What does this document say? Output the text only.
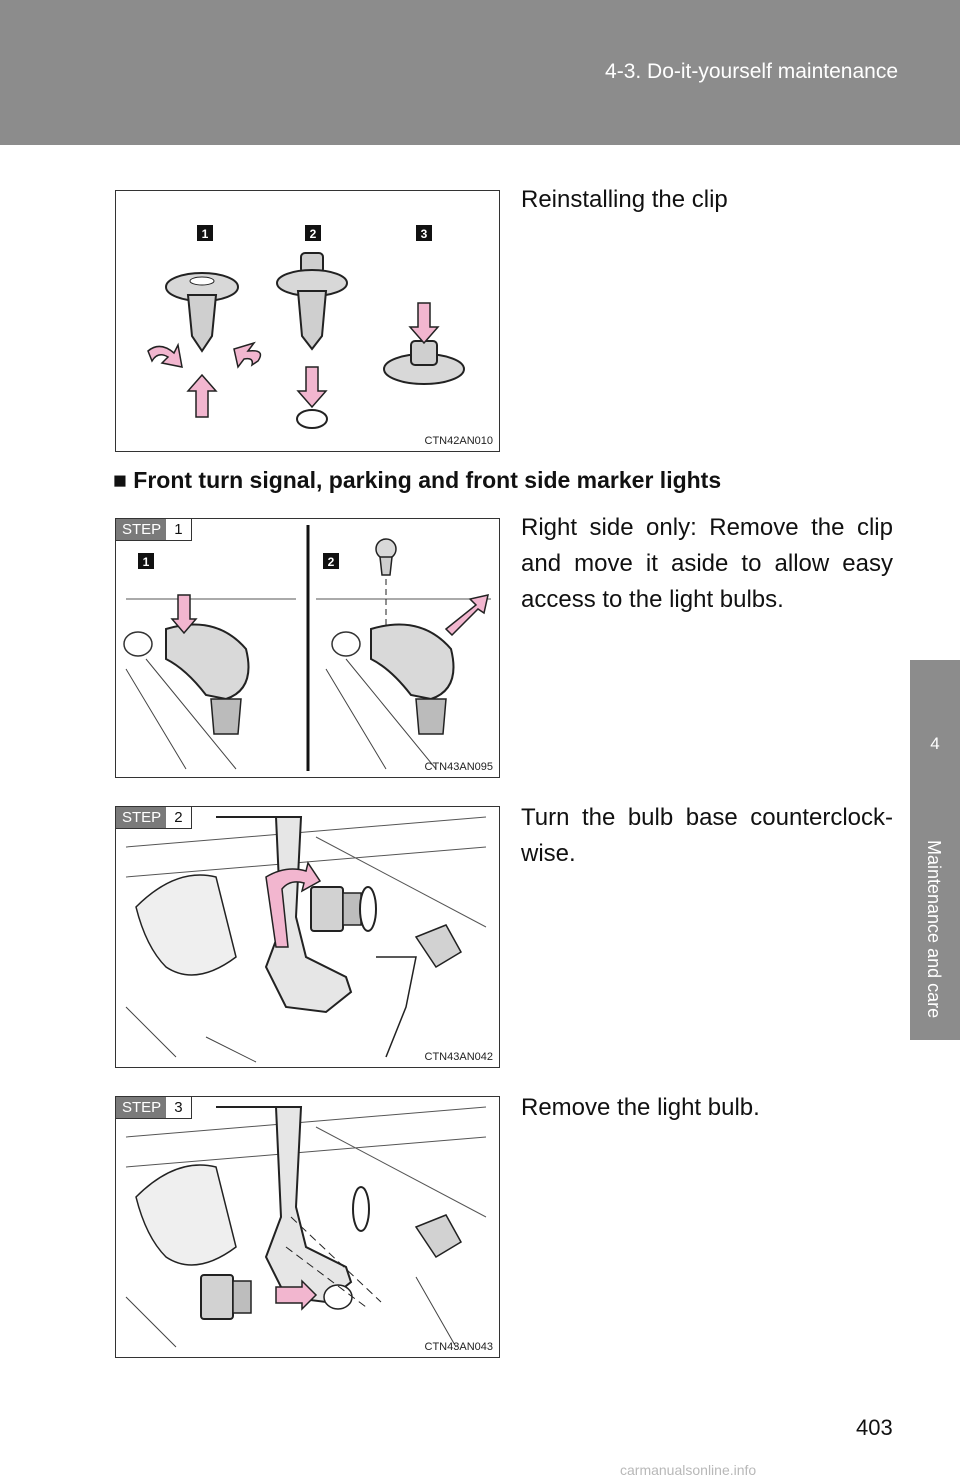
4-3. Do-it-yourself maintenance
4
Maintenance and care
1	2	3
CTN42AN010
Reinstalling the clip
■ Front turn signal, parking and front side marker lights
1	2
STEP 1
CTN43AN095
Right side only: Remove the clip and move it aside to allow easy access to the light bulbs.
STEP 2
CTN43AN042
Turn the bulb base counterclock-wise.
STEP 3
CTN43AN043
Remove the light bulb.
403
carmanualsonline.info
